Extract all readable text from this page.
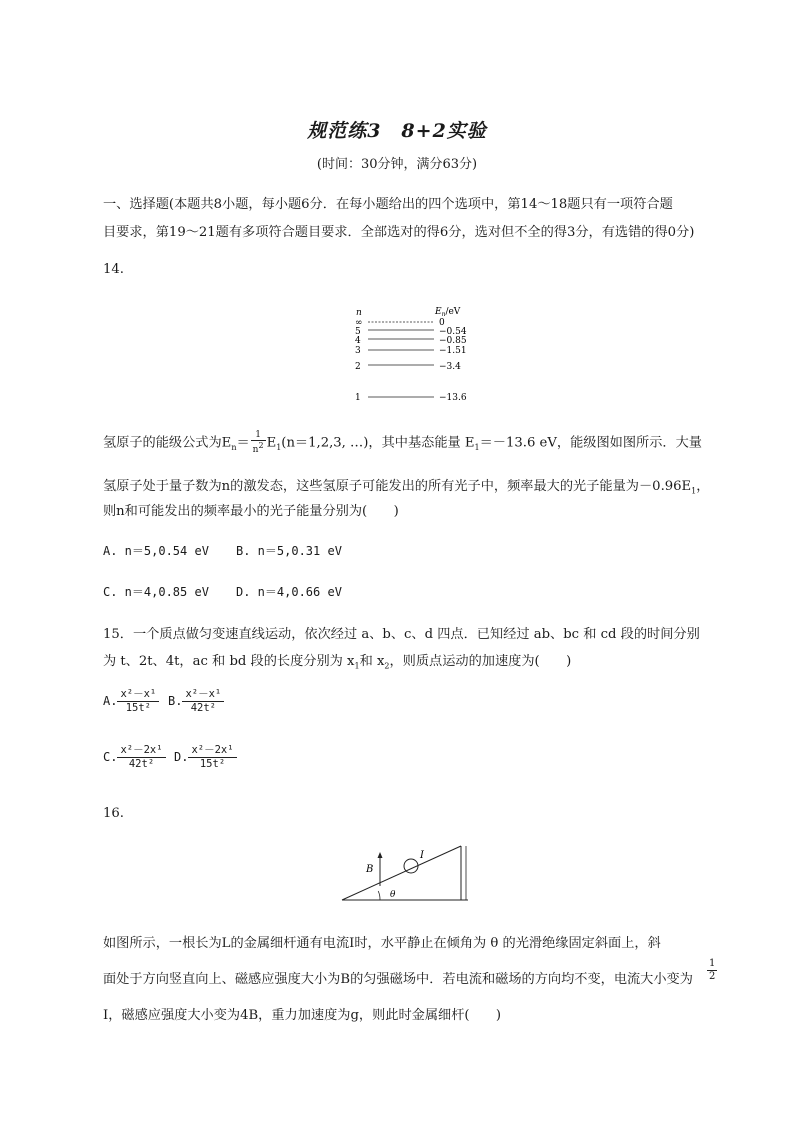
规范练3　8+2实验
(时间：30分钟，满分63分)
一、选择题(本题共8小题，每小题6分．在每小题给出的四个选项中，第14～18题只有一项符合题
目要求，第19～21题有多项符合题目要求．全部选对的得6分，选对但不全的得3分，有选错的得0分)
14.
n	$E_n/eV$
∞	0
5	−0.54
4	−0.85
3	−1.51
2	−3.4
1	−13.6
氢原子的能级公式为$E_n= \frac{1}{n^2} E_1(n=1,2,3$, …)，其中基态能量 $E_1=-13.6$ eV，能级图如图所示．大量
氢原子处于量子数为n的激发态，这些氢原子可能发出的所有光子中，频率最大的光子能量为$-0.96E_1$，
则n和可能发出的频率最小的光子能量分别为(　　)
A. n＝5,0.54 eV B. n＝5,0.31 eV
C. n＝4,0.85 eV D. n＝4,0.66 eV
15．一个质点做匀变速直线运动，依次经过 a、b、c、d 四点．已知经过 ab、bc 和 cd 段的时间分别
为 t、2t、4t，ac 和 bd 段的长度分别为 $x_1$和 $x_2$，则质点运动的加速度为(　　)
A. $\frac{\text{x²－x¹}}{\text{15t²}} B$. $\frac{\text{x²－x¹}}{\text{42t²}}$
C. $\frac{\text{x²－2x¹}}{\text{42t²}} D$. $\frac{\text{x²－2x¹}}{\text{15t²}}$
16.
B
I
θ
如图所示，一根长为L的金属细杆通有电流I时，水平静止在倾角为 θ 的光滑绝缘固定斜面上，斜
面处于方向竖直向上、磁感应强度大小为B的匀强磁场中．若电流和磁场的方向均不变，电流大小变为 $\frac{1}{2}$
I，磁感应强度大小变为4B，重力加速度为g，则此时金属细杆(　　)
